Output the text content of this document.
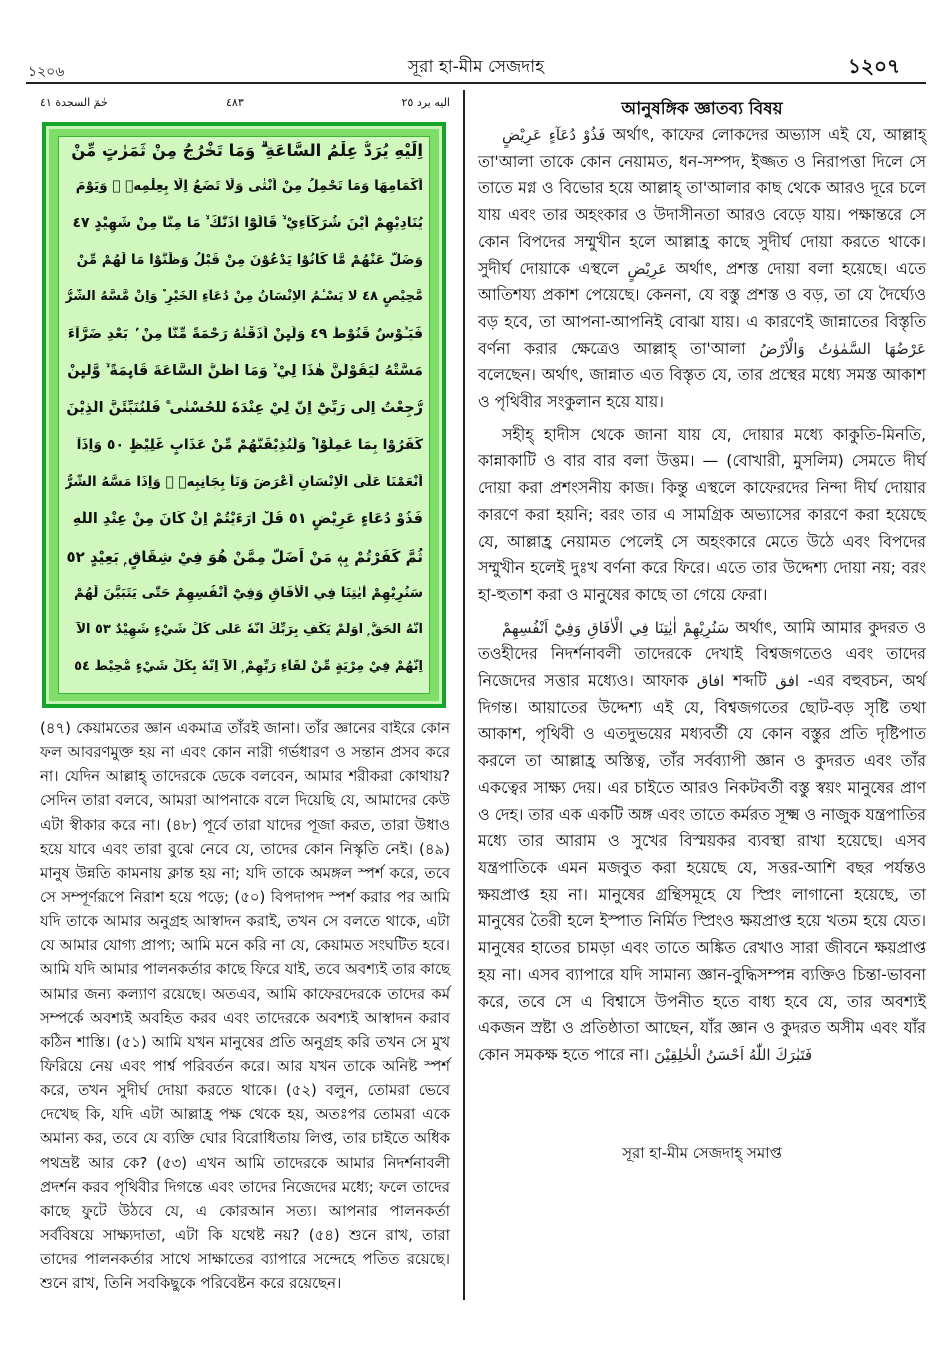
১২০৬	সূরা হা-মীম সেজদাহ	১২০৭
حٰمٓ السجدة ٤١	٤٨٣	اليه يرد ٢٥
اِلَيْهِ يُرَدُّ عِلْمُ السَّاعَةِ ۗ وَمَا تَخْرُجُ مِنْ ثَمَرٰتٍ مِّنْ
اَكْمَامِهَا وَمَا تَحْمِلُ مِنْ اُنْثٰى وَلَا تَضَعُ اِلَّا بِعِلْمِهٖ ۗ وَيَوْمَ
يُنَادِيْهِمْ اَيْنَ شُرَكَآءِيْ ۙ قَالُوْٓا اٰذَنّٰكَ ۙ مَا مِنَّا مِنْ شَهِيْدٍ ٤٧
وَضَلَّ عَنْهُمْ مَّا كَانُوْا يَدْعُوْنَ مِنْ قَبْلُ وَظَنُّوْا مَا لَهُمْ مِّنْ
مَّحِيْصٍ ٤٨ لَا يَسْـَٔمُ الْاِنْسَانُ مِنْ دُعَآءِ الْخَيْرِ ۫ وَاِنْ مَّسَّهُ الشَّرُّ
فَيَـُٔوْسٌ قَنُوْطٌ ٤٩ وَلَىِٕنْ اَذَقْنٰهُ رَحْمَةً مِّنَّا مِنْ ۢ بَعْدِ ضَرَّآءَ
مَسَّتْهُ لَيَقُوْلَنَّ هٰذَا لِيْ ۙ وَمَآ اَظُنُّ السَّاعَةَ قَآىِٕمَةً ۙ وَّلَىِٕنْ
رُّجِعْتُ اِلٰى رَبِّيْٓ اِنَّ لِيْ عِنْدَهٗ لَلْحُسْنٰى ۚ فَلَنُنَبِّئَنَّ الَّذِيْنَ
كَفَرُوْا بِمَا عَمِلُوْا ۫ وَلَنُذِيْقَنَّهُمْ مِّنْ عَذَابٍ غَلِيْظٍ ٥٠ وَاِذَآ
اَنْعَمْنَا عَلَى الْاِنْسَانِ اَعْرَضَ وَنَاٰ بِجَانِبِهٖ ۚ وَاِذَا مَسَّهُ الشَّرُّ
فَذُوْ دُعَآءٍ عَرِيْضٍ ٥١ قُلْ اَرَءَيْتُمْ اِنْ كَانَ مِنْ عِنْدِ اللّٰهِ
ثُمَّ كَفَرْتُمْ بِهٖ مَنْ اَضَلُّ مِمَّنْ هُوَ فِيْ شِقَاقٍ ۭ بَعِيْدٍ ٥٢
سَنُرِيْهِمْ اٰيٰتِنَا فِي الْاٰفَاقِ وَفِيْٓ اَنْفُسِهِمْ حَتّٰى يَتَبَيَّنَ لَهُمْ
اَنَّهُ الْحَقُّ ۭ اَوَلَمْ يَكْفِ بِرَبِّكَ اَنَّهٗ عَلٰى كُلِّ شَيْءٍ شَهِيْدٌ ٥٣ اَلَآ
اِنَّهُمْ فِيْ مِرْيَةٍ مِّنْ لِّقَآءِ رَبِّهِمْ ۭ اَلَآ اِنَّهٗ بِكُلِّ شَيْءٍ مُّحِيْطٌ ٥٤
(৪৭) কেয়ামতের জ্ঞান একমাত্র তাঁরই জানা। তাঁর জ্ঞানের বাইরে কোন ফল আবরণমুক্ত হয় না এবং কোন নারী গর্ভধারণ ও সন্তান প্রসব করে না। যেদিন আল্লাহ্ তাদেরকে ডেকে বলবেন, আমার শরীকরা কোথায়? সেদিন তারা বলবে, আমরা আপনাকে বলে দিয়েছি যে, আমাদের কেউ এটা স্বীকার করে না। (৪৮) পূর্বে তারা যাদের পূজা করত, তারা উধাও হয়ে যাবে এবং তারা বুঝে নেবে যে, তাদের কোন নিস্কৃতি নেই। (৪৯) মানুষ উন্নতি কামনায় ক্লান্ত হয় না; যদি তাকে অমঙ্গল স্পর্শ করে, তবে সে সম্পূর্ণরূপে নিরাশ হয়ে পড়ে; (৫০) বিপদাপদ স্পর্শ করার পর আমি যদি তাকে আমার অনুগ্রহ আস্বাদন করাই, তখন সে বলতে থাকে, এটা যে আমার যোগ্য প্রাপ্য; আমি মনে করি না যে, কেয়ামত সংঘটিত হবে। আমি যদি আমার পালনকর্তার কাছে ফিরে যাই, তবে অবশ্যই তার কাছে আমার জন্য কল্যাণ রয়েছে। অতএব, আমি কাফেরদেরকে তাদের কর্ম সম্পর্কে অবশ্যই অবহিত করব এবং তাদেরকে অবশ্যই আস্বাদন করাব কঠিন শাস্তি। (৫১) আমি যখন মানুষের প্রতি অনুগ্রহ করি তখন সে মুখ ফিরিয়ে নেয় এবং পার্শ্ব পরিবর্তন করে। আর যখন তাকে অনিষ্ট স্পর্শ করে, তখন সুদীর্ঘ দোয়া করতে থাকে। (৫২) বলুন, তোমরা ভেবে দেখেছ কি, যদি এটা আল্লাহ্র পক্ষ থেকে হয়, অতঃপর তোমরা একে অমান্য কর, তবে যে ব্যক্তি ঘোর বিরোধিতায় লিপ্ত, তার চাইতে অধিক পথভ্রষ্ট আর কে? (৫৩) এখন আমি তাদেরকে আমার নিদর্শনাবলী প্রদর্শন করব পৃথিবীর দিগন্তে এবং তাদের নিজেদের মধ্যে; ফলে তাদের কাছে ফুটে উঠবে যে, এ কোরআন সত্য। আপনার পালনকর্তা সর্ববিষয়ে সাক্ষ্যদাতা, এটা কি যথেষ্ট নয়? (৫৪) শুনে রাখ, তারা তাদের পালনকর্তার সাথে সাক্ষাতের ব্যাপারে সন্দেহে পতিত রয়েছে। শুনে রাখ, তিনি সবকিছুকে পরিবেষ্টন করে রয়েছেন।
আনুষঙ্গিক জ্ঞাতব্য বিষয়

فَذُوْ دُعَآءٍ عَرِيْضٍ অর্থাৎ, কাফের লোকদের অভ্যাস এই যে, আল্লাহ্ তা'আলা তাকে কোন নেয়ামত, ধন-সম্পদ, ইজ্জত ও নিরাপত্তা দিলে সে তাতে মগ্ন ও বিভোর হয়ে আল্লাহ্ তা'আলার কাছ থেকে আরও দূরে চলে যায় এবং তার অহংকার ও উদাসীনতা আরও বেড়ে যায়। পক্ষান্তরে সে কোন বিপদের সম্মুখীন হলে আল্লাহ্র কাছে সুদীর্ঘ দোয়া করতে থাকে। সুদীর্ঘ দোয়াকে এস্থলে عَرِيْضٍ অর্থাৎ, প্রশস্ত দোয়া বলা হয়েছে। এতে আতিশয্য প্রকাশ পেয়েছে। কেননা, যে বস্তু প্রশস্ত ও বড়, তা যে দৈর্ঘ্যেও বড় হবে, তা আপনা-আপনিই বোঝা যায়। এ কারণেই জান্নাতের বিস্তৃতি বর্ণনা করার ক্ষেত্রেও আল্লাহ্ তা'আলা عَرْضُهَا السَّمٰوٰتُ وَالْاَرْضُ বলেছেন। অর্থাৎ, জান্নাত এত বিস্তৃত যে, তার প্রস্থের মধ্যে সমস্ত আকাশ ও পৃথিবীর সংকুলান হয়ে যায়।

সহীহ্ হাদীস থেকে জানা যায় যে, দোয়ার মধ্যে কাকুতি-মিনতি, কান্নাকাটি ও বার বার বলা উত্তম। — (বোখারী, মুসলিম) সেমতে দীর্ঘ দোয়া করা প্রশংসনীয় কাজ। কিন্তু এস্থলে কাফেরদের নিন্দা দীর্ঘ দোয়ার কারণে করা হয়নি; বরং তার এ সামগ্রিক অভ্যাসের কারণে করা হয়েছে যে, আল্লাহ্র নেয়ামত পেলেই সে অহংকারে মেতে উঠে এবং বিপদের সম্মুখীন হলেই দুঃখ বর্ণনা করে ফিরে। এতে তার উদ্দেশ্য দোয়া নয়; বরং হা-হুতাশ করা ও মানুষের কাছে তা গেয়ে ফেরা।

سَنُرِيْهِمْ اٰيٰتِنَا فِي الْاٰفَاقِ وَفِيْٓ اَنْفُسِهِمْ অর্থাৎ, আমি আমার কুদরত ও তওহীদের নিদর্শনাবলী তাদেরকে দেখাই বিশ্বজগতেও এবং তাদের নিজেদের সত্তার মধ্যেও। আফাক افاق শব্দটি افق -এর বহুবচন, অর্থ দিগন্ত। আয়াতের উদ্দেশ্য এই যে, বিশ্বজগতের ছোট-বড় সৃষ্টি তথা আকাশ, পৃথিবী ও এতদুভয়ের মধ্যবর্তী যে কোন বস্তুর প্রতি দৃষ্টিপাত করলে তা আল্লাহ্র অস্তিত্ব, তাঁর সর্বব্যাপী জ্ঞান ও কুদরত এবং তাঁর একত্বের সাক্ষ্য দেয়। এর চাইতে আরও নিকটবর্তী বস্তু স্বয়ং মানুষের প্রাণ ও দেহ। তার এক একটি অঙ্গ এবং তাতে কর্মরত সূক্ষ্ম ও নাজুক যন্ত্রপাতির মধ্যে তার আরাম ও সুখের বিস্ময়কর ব্যবস্থা রাখা হয়েছে। এসব যন্ত্রপাতিকে এমন মজবুত করা হয়েছে যে, সত্তর-আশি বছর পর্যন্তও ক্ষয়প্রাপ্ত হয় না। মানুষের গ্রন্থিসমূহে যে স্প্রিং লাগানো হয়েছে, তা মানুষের তৈরী হলে ইস্পাত নির্মিত স্প্রিংও ক্ষয়প্রাপ্ত হয়ে খতম হয়ে যেত। মানুষের হাতের চামড়া এবং তাতে অঙ্কিত রেখাও সারা জীবনে ক্ষয়প্রাপ্ত হয় না। এসব ব্যাপারে যদি সামান্য জ্ঞান-বুদ্ধিসম্পন্ন ব্যক্তিও চিন্তা-ভাবনা করে, তবে সে এ বিশ্বাসে উপনীত হতে বাধ্য হবে যে, তার অবশ্যই একজন স্রষ্টা ও প্রতিষ্ঠাতা আছেন, যাঁর জ্ঞান ও কুদরত অসীম এবং যাঁর কোন সমকক্ষ হতে পারে না। فَتَبٰرَكَ اللّٰهُ اَحْسَنُ الْخٰلِقِيْنَ

সূরা হা-মীম সেজদাহ্ সমাপ্ত
